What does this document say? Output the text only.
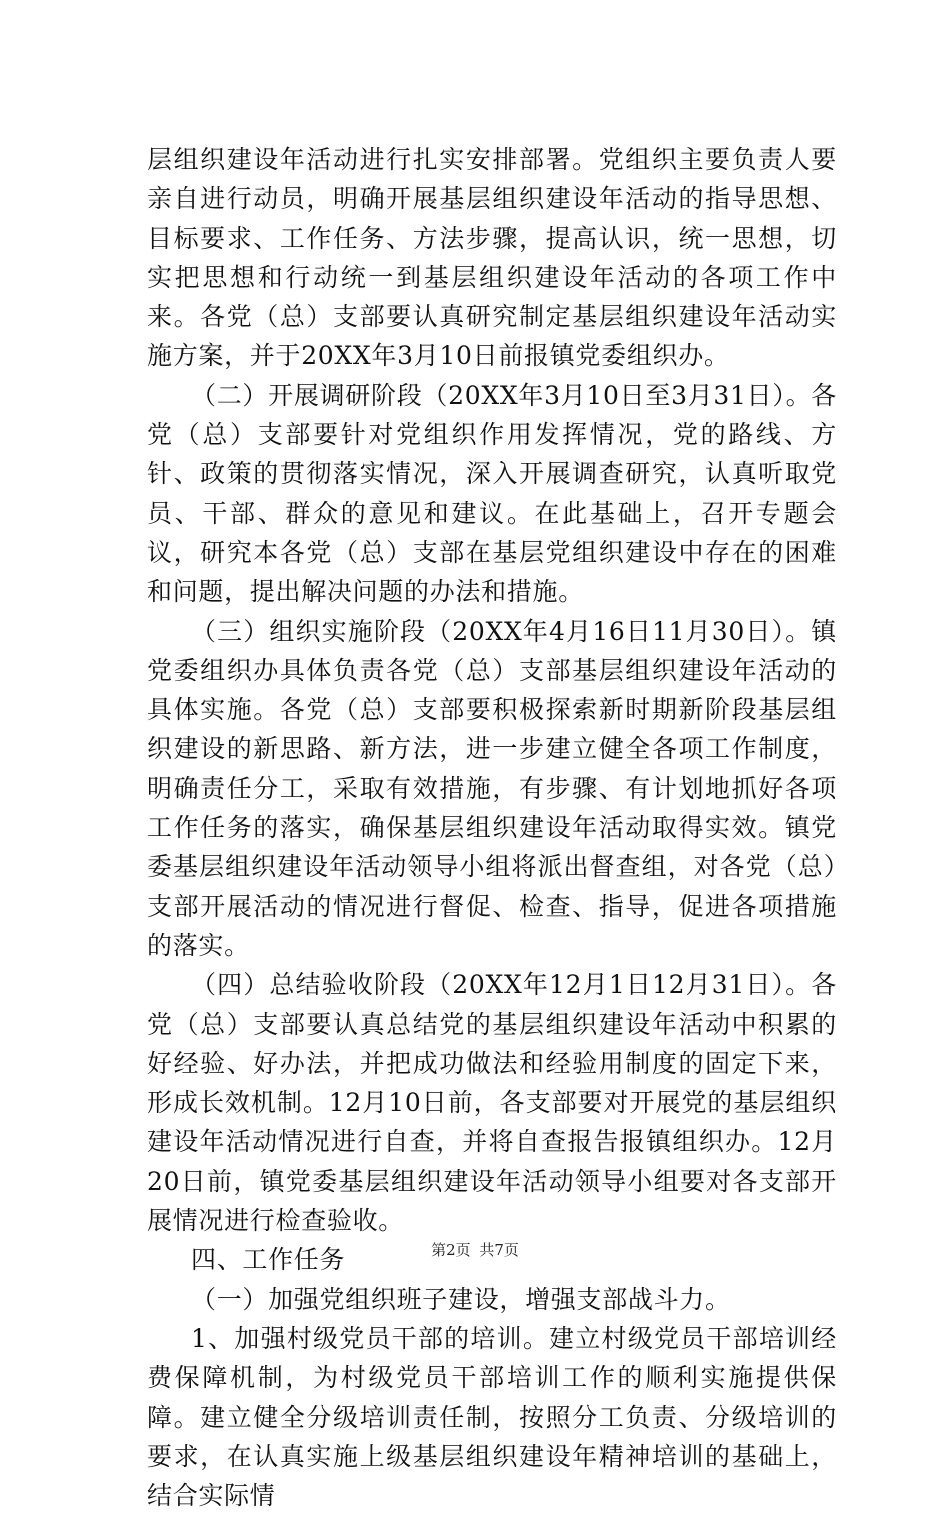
层组织建设年活动进行扎实安排部署。党组织主要负责人要亲自进行动员，明确开展基层组织建设年活动的指导思想、目标要求、工作任务、方法步骤，提高认识，统一思想，切实把思想和行动统一到基层组织建设年活动的各项工作中来。各党（总）支部要认真研究制定基层组织建设年活动实施方案，并于20XX年3月10日前报镇党委组织办。

（二）开展调研阶段（20XX年3月10日至3月31日）。各党（总）支部要针对党组织作用发挥情况，党的路线、方针、政策的贯彻落实情况，深入开展调查研究，认真听取党员、干部、群众的意见和建议。在此基础上，召开专题会议，研究本各党（总）支部在基层党组织建设中存在的困难和问题，提出解决问题的办法和措施。

（三）组织实施阶段（20XX年4月16日11月30日）。镇党委组织办具体负责各党（总）支部基层组织建设年活动的具体实施。各党（总）支部要积极探索新时期新阶段基层组织建设的新思路、新方法，进一步建立健全各项工作制度，明确责任分工，采取有效措施，有步骤、有计划地抓好各项工作任务的落实，确保基层组织建设年活动取得实效。镇党委基层组织建设年活动领导小组将派出督查组，对各党（总）支部开展活动的情况进行督促、检查、指导，促进各项措施的落实。

（四）总结验收阶段（20XX年12月1日12月31日）。各党（总）支部要认真总结党的基层组织建设年活动中积累的好经验、好办法，并把成功做法和经验用制度的固定下来，形成长效机制。12月10日前，各支部要对开展党的基层组织建设年活动情况进行自查，并将自查报告报镇组织办。12月20日前，镇党委基层组织建设年活动领导小组要对各支部开展情况进行检查验收。

四、工作任务

（一）加强党组织班子建设，增强支部战斗力。

1、加强村级党员干部的培训。建立村级党员干部培训经费保障机制，为村级党员干部培训工作的顺利实施提供保障。建立健全分级培训责任制，按照分工负责、分级培训的要求，在认真实施上级基层组织建设年精神培训的基础上，结合实际情

第2页 共7页
